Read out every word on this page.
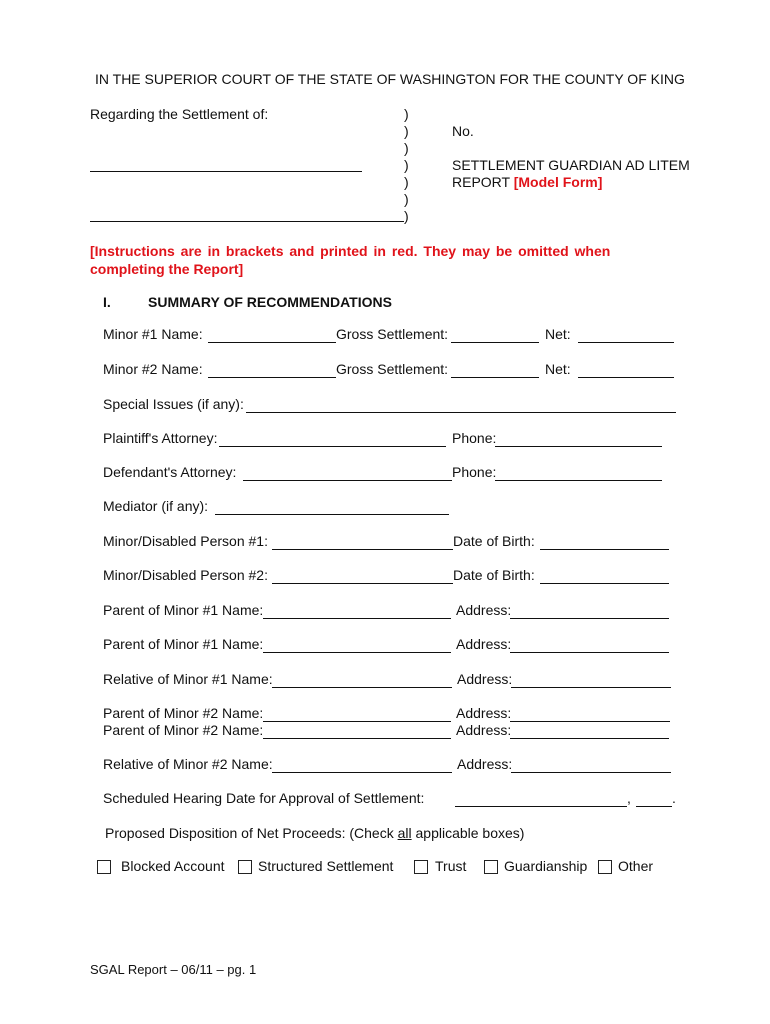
IN THE SUPERIOR COURT OF THE STATE OF WASHINGTON FOR THE COUNTY OF KING
Regarding the Settlement of:	)
)
)
)
)
)
)
No.
SETTLEMENT GUARDIAN AD LITEM
REPORT [Model Form]
[Instructions are in brackets and printed in red. They may be omitted when
completing the Report]
I.	SUMMARY OF RECOMMENDATIONS
Minor #1 Name:	Gross Settlement:	Net:
Minor #2 Name:	Gross Settlement:	Net:
Special Issues (if any):
Plaintiff's Attorney:	Phone:
Defendant's Attorney:	Phone:
Mediator (if any):
Minor/Disabled Person #1:	Date of Birth:
Minor/Disabled Person #2:	Date of Birth:
Parent of Minor #1 Name:	Address:
Parent of Minor #1 Name:	Address:
Relative of Minor #1 Name:	Address:
Parent of Minor #2 Name:	Address:
Parent of Minor #2 Name:	Address:
Relative of Minor #2 Name:	Address:
Scheduled Hearing Date for Approval of Settlement:	,	.
Proposed Disposition of Net Proceeds: (Check all applicable boxes)
Blocked Account Structured Settlement	Trust	Guardianship Other
SGAL Report – 06/11 – pg. 1
